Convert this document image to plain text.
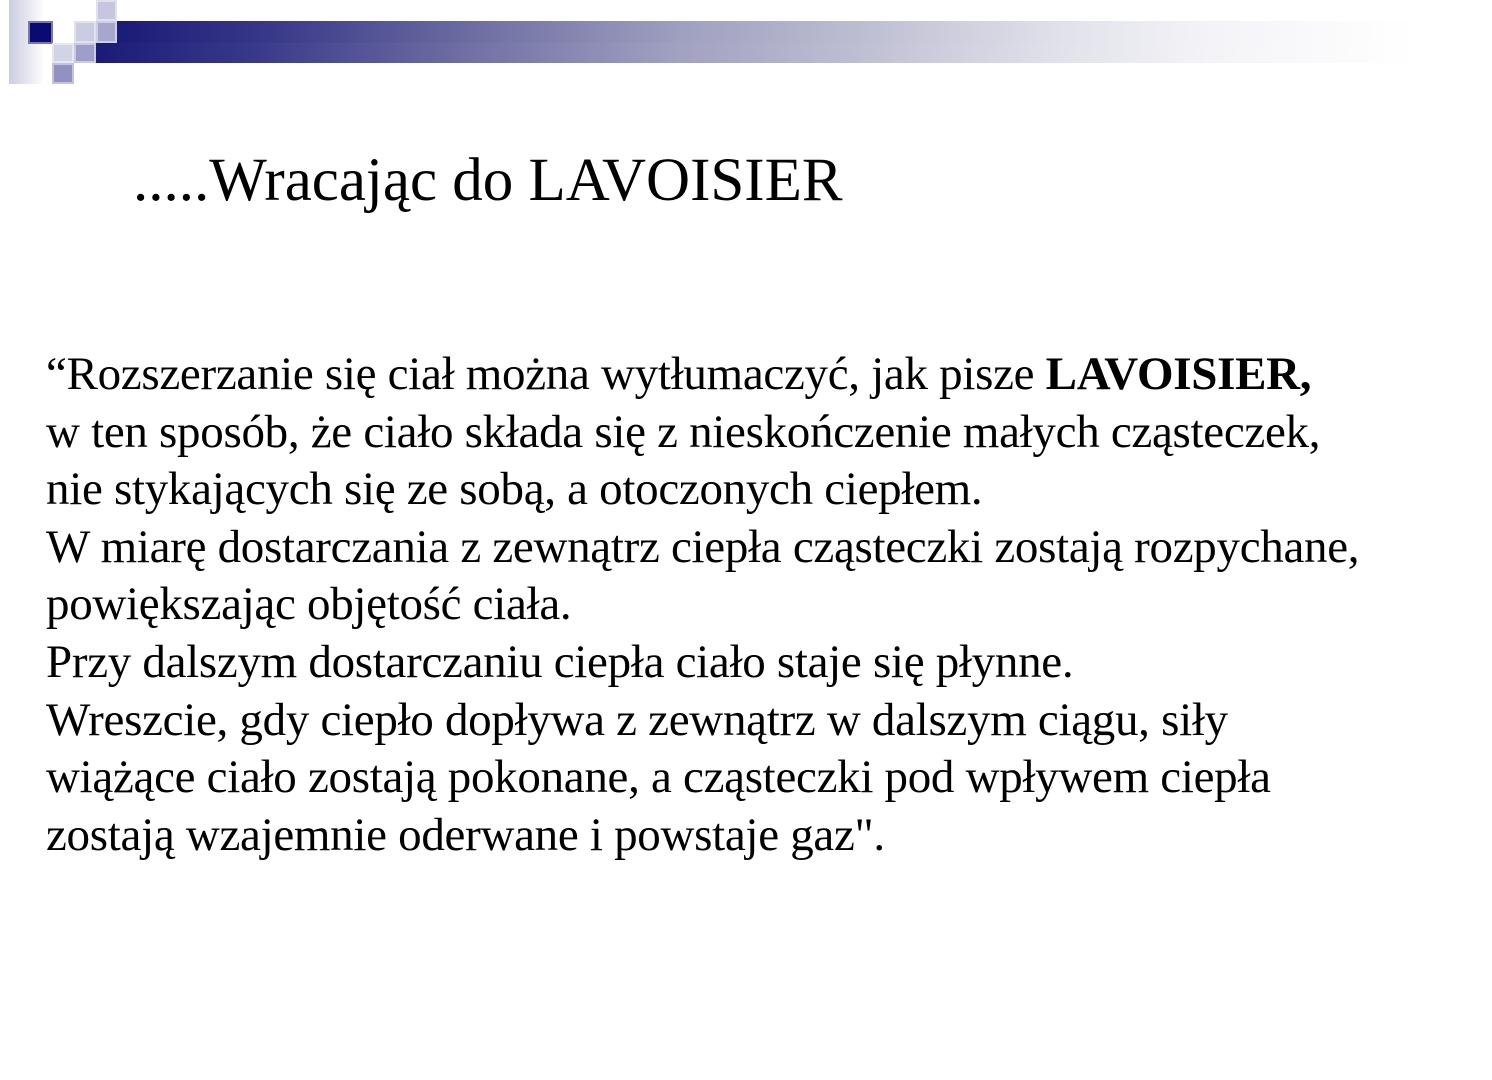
.....Wracając do LAVOISIER

“Rozszerzanie się ciał można wytłumaczyć, jak pisze LAVOISIER,

w ten sposób, że ciało składa się z nieskończenie małych cząsteczek,

nie stykających się ze sobą, a otoczonych ciepłem.

W miarę dostarczania z zewnątrz ciepła cząsteczki zostają rozpychane,

powiększając objętość ciała.

Przy dalszym dostarczaniu ciepła ciało staje się płynne.

Wreszcie, gdy ciepło dopływa z zewnątrz w dalszym ciągu, siły

wiążące ciało zostają pokonane, a cząsteczki pod wpływem ciepła

zostają wzajemnie oderwane i powstaje gaz".
